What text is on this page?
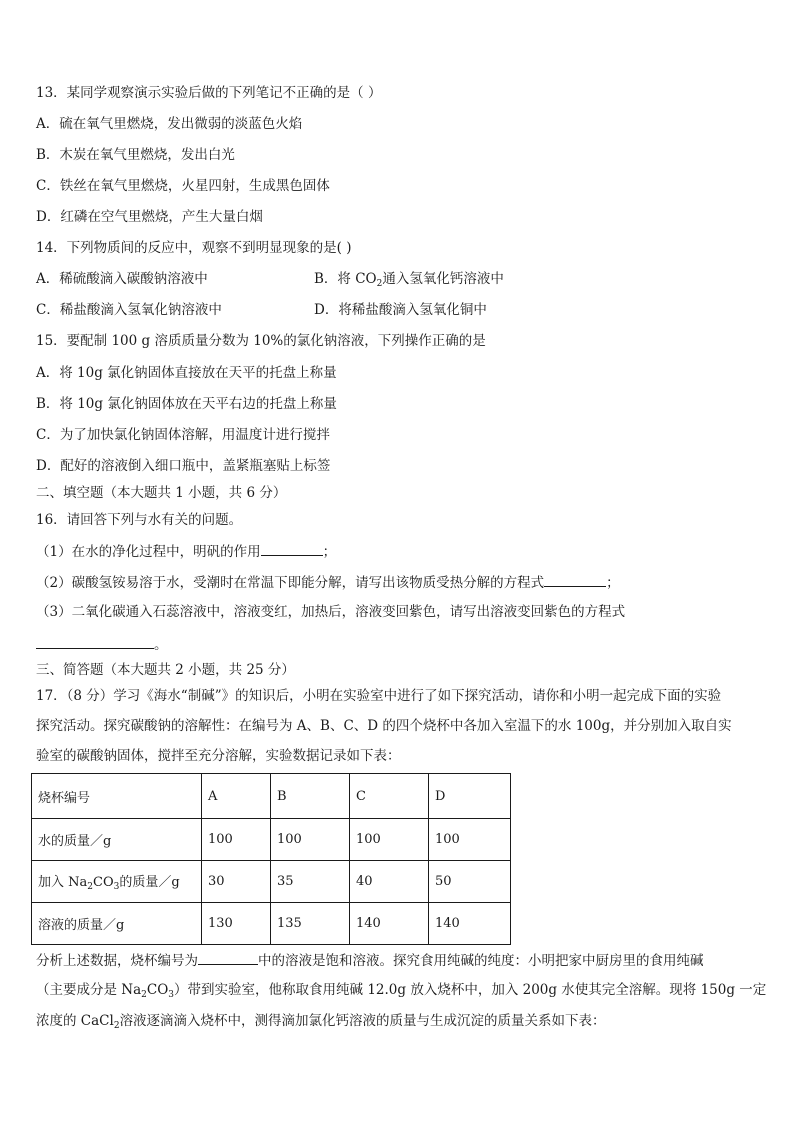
13．某同学观察演示实验后做的下列笔记不正确的是（ ）
A．硫在氧气里燃烧，发出微弱的淡蓝色火焰
B．木炭在氧气里燃烧，发出白光
C．铁丝在氧气里燃烧，火星四射，生成黑色固体
D．红磷在空气里燃烧，产生大量白烟
14．下列物质间的反应中，观察不到明显现象的是( )
A．稀硫酸滴入碳酸钠溶液中	B．将 $CO_2$通入氢氧化钙溶液中
C．稀盐酸滴入氢氧化钠溶液中	D．将稀盐酸滴入氢氧化铜中
15．要配制 100 g 溶质质量分数为 10%的氯化钠溶液，下列操作正确的是
A．将 10g 氯化钠固体直接放在天平的托盘上称量
B．将 10g 氯化钠固体放在天平右边的托盘上称量
C．为了加快氯化钠固体溶解，用温度计进行搅拌
D．配好的溶液倒入细口瓶中，盖紧瓶塞贴上标签
二、填空题（本大题共 1 小题，共 6 分）
16．请回答下列与水有关的问题。
（1）在水的净化过程中，明矾的作用	；
（2）碳酸氢铵易溶于水，受潮时在常温下即能分解，请写出该物质受热分解的方程式	；
（3）二氧化碳通入石蕊溶液中，溶液变红，加热后，溶液变回紫色，请写出溶液变回紫色的方程式
。
三、简答题（本大题共 2 小题，共 25 分）
17．（8 分）学习《海水“制碱”》的知识后，小明在实验室中进行了如下探究活动，请你和小明一起完成下面的实验
探究活动。探究碳酸钠的溶解性：在编号为 A、B、C、D 的四个烧杯中各加入室温下的水 100g，并分别加入取自实
验室的碳酸钠固体，搅拌至充分溶解，实验数据记录如下表：
烧杯编号	A	B	C	D
水的质量／g	100	100	100	100
加入 $Na_2CO_3$的质量／g	30	35	40	50
溶液的质量／g	130	135	140	140
分析上述数据，烧杯编号为	中的溶液是饱和溶液。探究食用纯碱的纯度：小明把家中厨房里的食用纯碱
（主要成分是 $Na_2CO_3$）带到实验室，他称取食用纯碱 12.0g 放入烧杯中，加入 200g 水使其完全溶解。现将 150g 一定
浓度的 CaCl$_2$溶液逐滴滴入烧杯中，测得滴加氯化钙溶液的质量与生成沉淀的质量关系如下表：
